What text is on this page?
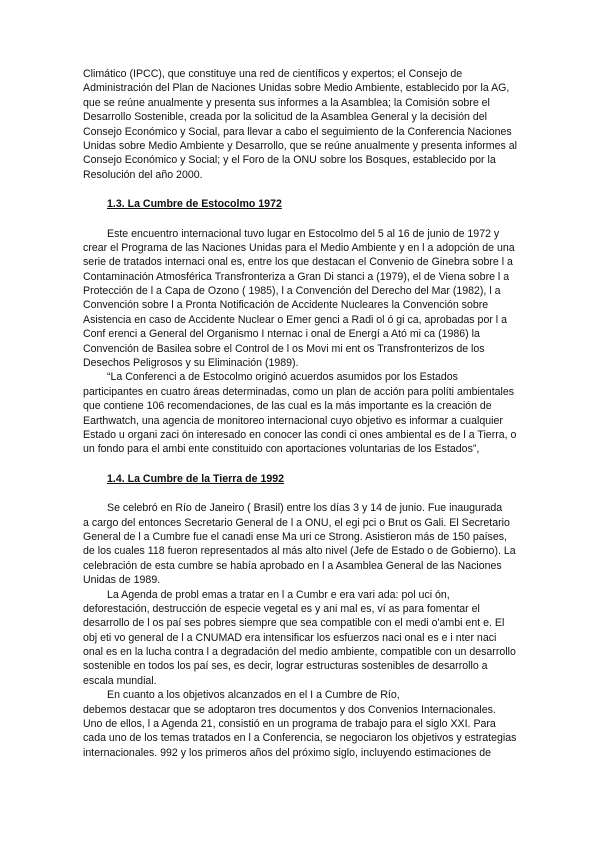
Climático (IPCC), que constituye una red de científicos y expertos; el Consejo de
Administración del Plan de Naciones Unidas sobre Medio Ambiente, establecido por la AG,
que se reúne anualmente y presenta sus informes a la Asamblea; la Comisión sobre el
Desarrollo Sostenible, creada por la solicitud de la Asamblea General y la decisión del
Consejo Económico y Social, para llevar a cabo el seguimiento de la Conferencia Naciones
Unidas sobre Medio Ambiente y Desarrollo, que se reúne anualmente y presenta informes al
Consejo Económico y Social; y el Foro de la ONU sobre los Bosques, establecido por la
Resolución del año 2000.
1.3. La Cumbre de Estocolmo 1972
Este encuentro internacional tuvo lugar en Estocolmo del 5 al 16 de junio de 1972 y
crear el Programa de las Naciones Unidas para el Medio Ambiente y en l a adopción de una
serie de tratados internaci onal es, entre los que destacan el Convenio de Ginebra sobre l a
Contaminación Atmosférica Transfronteriza a Gran Di stanci a (1979), el de Viena sobre l a
Protección de l a Capa de Ozono ( 1985), l a Convención del Derecho del Mar (1982), l a
Convención sobre l a Pronta Notificación de Accidente Nucleares la Convención sobre
Asistencia en caso de Accidente Nuclear o Emer genci a Radi ol ó gi ca, aprobadas por l a
Conf erenci a General del Organismo I nternac i onal de Energí a Ató mi ca (1986) la
Convención de Basilea sobre el Control de l os Movi mi ent os Transfronterizos de los
Desechos Peligrosos y su Eliminación (1989).
“La Conferenci a de Estocolmo originó acuerdos asumidos por los Estados
participantes en cuatro áreas determinadas, como un plan de acción para políti ambientales
que contiene 106 recomendaciones, de las cual es la más importante es la creación de
Earthwatch, una agencia de monitoreo internacional cuyo objetivo es informar a cualquier
Estado u organi zaci ón interesado en conocer las condi ci ones ambiental es de l a Tierra, o
un fondo para el ambi ente constituido con aportaciones voluntarias de los Estados”,
1.4. La Cumbre de la Tierra de 1992
Se celebró en Río de Janeiro ( Brasil) entre los días 3 y 14 de junio. Fue inaugurada
a cargo del entonces Secretario General de l a ONU, el egi pci o Brut os Gali. El Secretario
General de l a Cumbre fue el canadi ense Ma uri ce Strong. Asistieron más de 150 países,
de los cuales 118 fueron representados al más alto nivel (Jefe de Estado o de Gobierno). La
celebración de esta cumbre se había aprobado en l a Asamblea General de las Naciones
Unidas de 1989.
La Agenda de probl emas a tratar en l a Cumbr e era vari ada: pol uci ón,
deforestación, destrucción de especie vegetal es y ani mal es, ví as para fomentar el
desarrollo de l os paí ses pobres siempre que sea compatible con el medi o'ambi ent e. El
obj eti vo general de l a CNUMAD era intensificar los esfuerzos naci onal es e i nter naci
onal es en la lucha contra l a degradación del medio ambiente, compatible con un desarrollo
sostenible en todos los paí ses, es decir, lograr estructuras sostenibles de desarrollo a
escala mundial.
En cuanto a los objetivos alcanzados en el I a Cumbre de Río,
debemos destacar que se adoptaron tres documentos y dos Convenios Internacionales.
Uno de ellos, l a Agenda 21, consistió en un programa de trabajo para el siglo XXI. Para
cada uno de los temas tratados en l a Conferencia, se negociaron los objetivos y estrategias
internacionales. 992 y los primeros años del próximo siglo, incluyendo estimaciones de
